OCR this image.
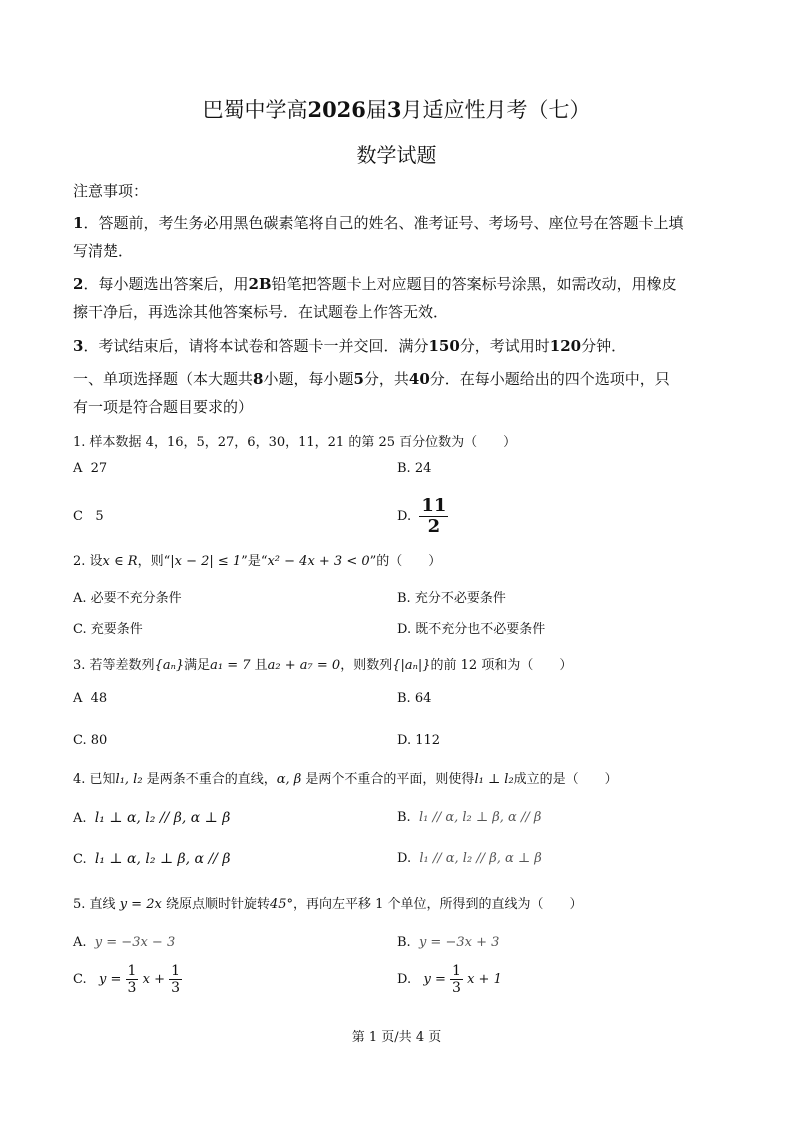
巴蜀中学高2026届3月适应性月考（七）
数学试题
注意事项：
1．答题前，考生务必用黑色碳素笔将自己的姓名、准考证号、考场号、座位号在答题卡上填
写清楚．
2．每小题选出答案后，用2B铅笔把答题卡上对应题目的答案标号涂黑，如需改动，用橡皮
擦干净后，再选涂其他答案标号．在试题卷上作答无效．
3．考试结束后，请将本试卷和答题卡一并交回．满分150分，考试用时120分钟．
一、单项选择题（本大题共8小题，每小题5分，共40分．在每小题给出的四个选项中，只
有一项是符合题目要求的）
1. 样本数据 4，16，5，27，6，30，11，21 的第 25 百分位数为（　　）
A 27	B. 24
C 5	D. $\frac{11}{2}$
2. 设x ∈ R，则“|x − 2| ≤ 1”是“x² − 4x + 3 < 0”的（　　）
A. 必要不充分条件	B. 充分不必要条件
C. 充要条件	D. 既不充分也不必要条件
3. 若等差数列{aₙ}满足a₁ = 7 且a₂ + a₇ = 0，则数列{|aₙ|}的前 12 项和为（　　）
A 48	B. 64
C. 80	D. 112
4. 已知l₁, l₂ 是两条不重合的直线，α, β 是两个不重合的平面，则使得l₁ ⊥ l₂成立的是（　　）
A. l₁ ⊥ α, l₂ // β, α ⊥ β	B. l₁ // α, l₂ ⊥ β, α // β
C. l₁ ⊥ α, l₂ ⊥ β, α // β	D. l₁ // α, l₂ // β, α ⊥ β
5. 直线 y = 2x 绕原点顺时针旋转45°，再向左平移 1 个单位，所得到的直线为（　　）
A. y = −3x − 3	B. y = −3x + 3
C. $y = \frac{1}{3}$ $x + \frac{1}{3}$	D. $y = \frac{1}{3}$ x + 1
第 1 页/共 4 页
